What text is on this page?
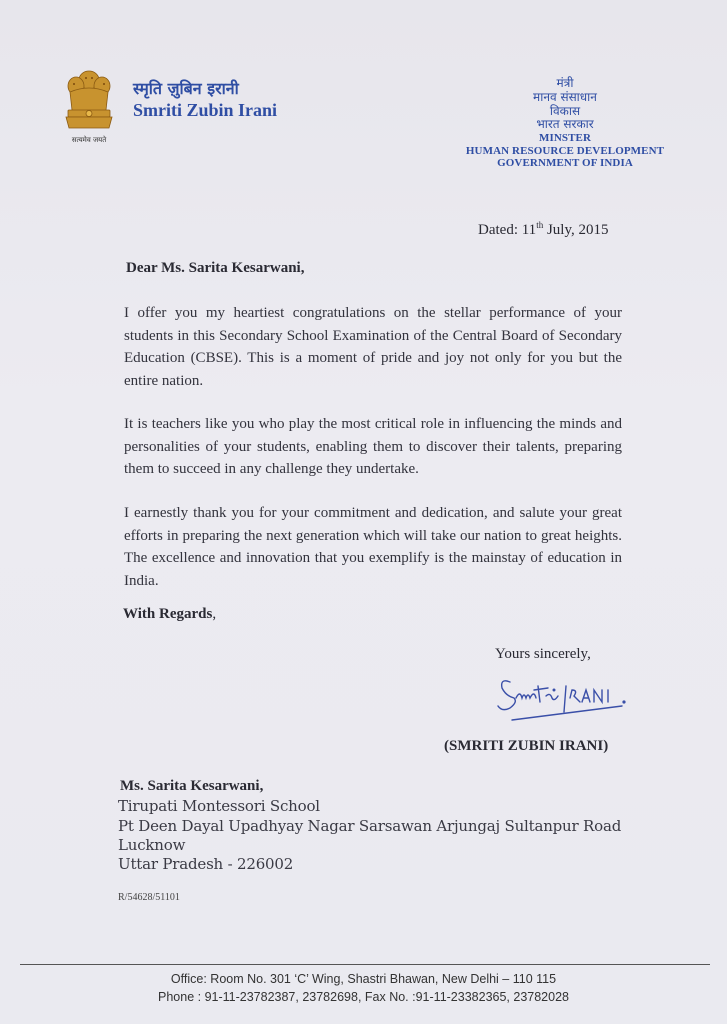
सत्यमेव जयते
स्मृति ज़ुबिन इरानी
Smriti Zubin Irani
मंत्री
मानव संसाधान
विकास
भारत सरकार
MINSTER
HUMAN RESOURCE DEVELOPMENT
GOVERNMENT OF INDIA
Dated: 11th July, 2015
Dear Ms. Sarita Kesarwani,
I offer you my heartiest congratulations on the stellar performance of your students in this Secondary School Examination of the Central Board of Secondary Education (CBSE). This is a moment of pride and joy not only for you but the entire nation.
It is teachers like you who play the most critical role in influencing the minds and personalities of your students, enabling them to discover their talents, preparing them to succeed in any challenge they undertake.
I earnestly thank you for your commitment and dedication, and salute your great efforts in preparing the next generation which will take our nation to great heights. The excellence and innovation that you exemplify is the mainstay of education in India.
With Regards,
Yours sincerely,
(SMRITI ZUBIN IRANI)
Ms. Sarita Kesarwani,
Tirupati Montessori School
Pt Deen Dayal Upadhyay Nagar Sarsawan Arjungaj Sultanpur Road
Lucknow
Uttar Pradesh - 226002
R/54628/51101
Office: Room No. 301 ‘C’ Wing, Shastri Bhawan, New Delhi – 110 115
Phone : 91-11-23782387, 23782698, Fax No. :91-11-23382365, 23782028
